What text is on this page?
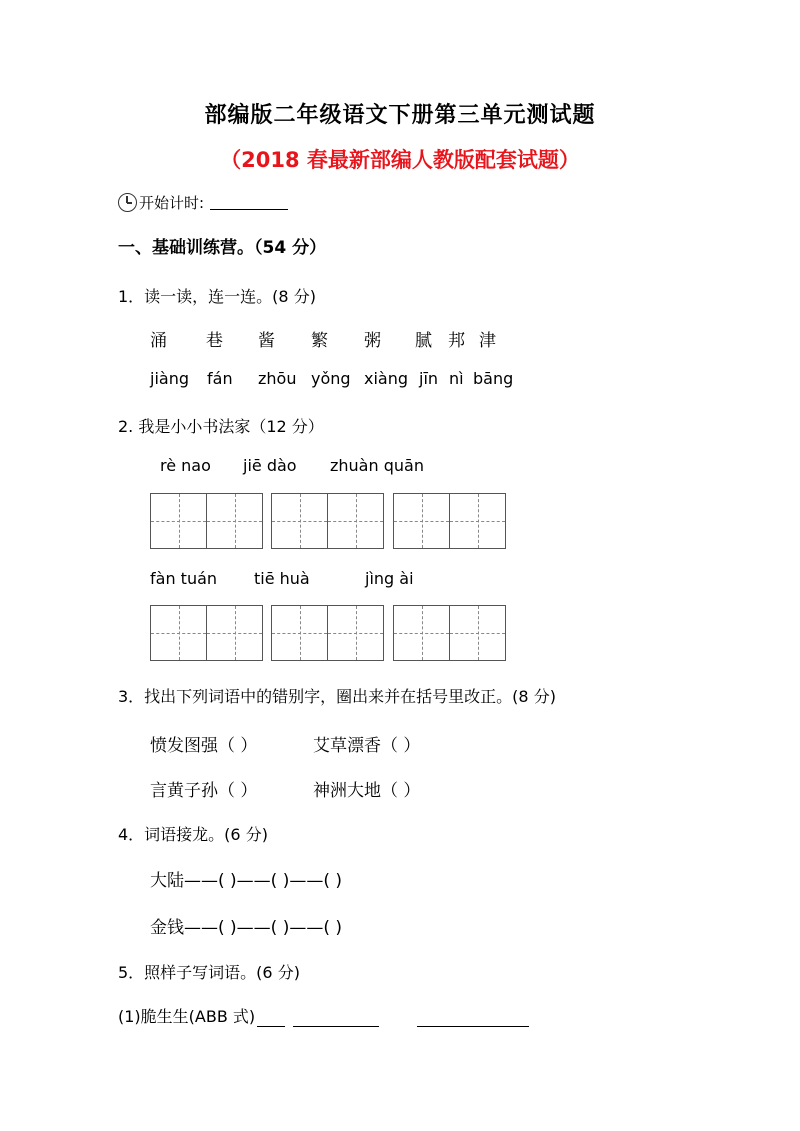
部编版二年级语文下册第三单元测试题
（2018 春最新部编人教版配套试题）
开始计时:
一、基础训练营。（54 分）
1．读一读，连一连。(8 分)
涌	巷	酱	繁	粥	腻 邦 津
jiàng	fán	zhōu yǒng xiàng jīn nì bāng
2. 我是小小书法家（12 分）
rè nao jiē dào zhuàn quān
fàn tuán tiē huà	jìng ài
3．找出下列词语中的错别字，圈出来并在括号里改正。(8 分)
愤发图强（ ）	艾草漂香（ ）
言黄子孙（ ）	神洲大地（ ）
4．词语接龙。(6 分)
大陆——( )——( )——( )
金钱——( )——( )——( )
5．照样子写词语。(6 分)
(1)脆生生(ABB 式)
